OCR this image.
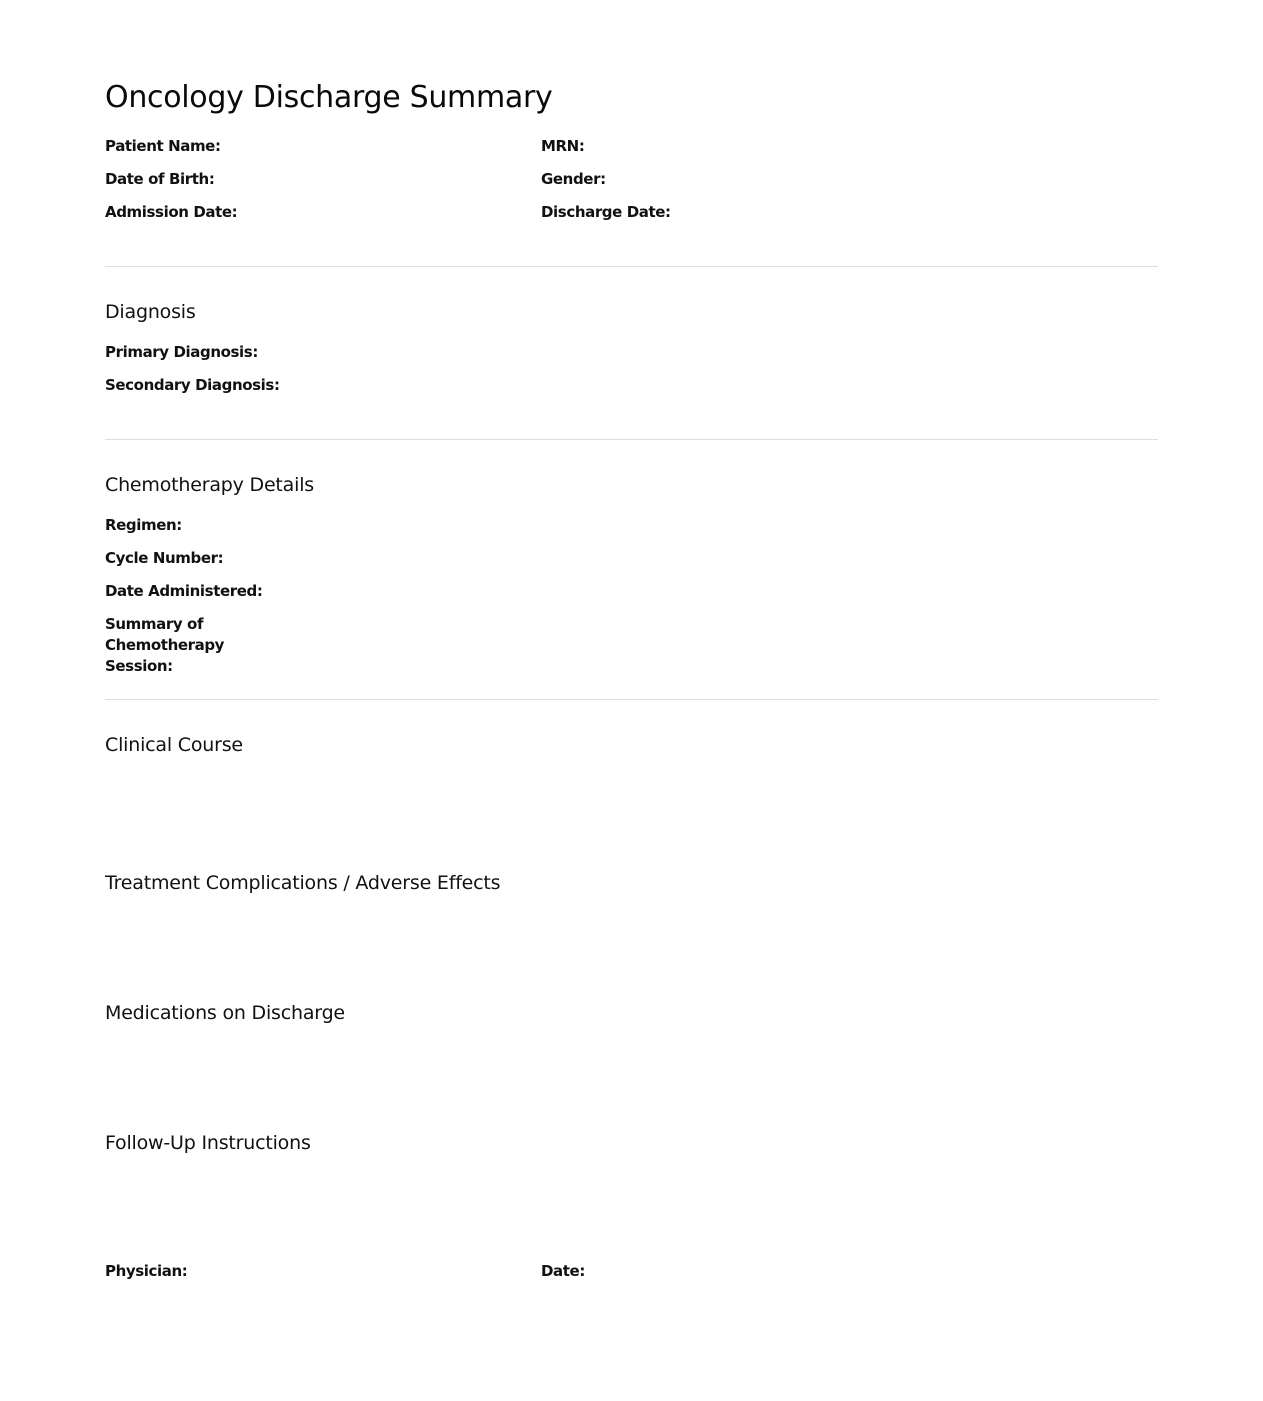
Oncology Discharge Summary
Patient Name:	MRN:
Date of Birth:	Gender:
Admission Date:	Discharge Date:
Diagnosis
Primary Diagnosis:
Secondary Diagnosis:
Chemotherapy Details
Regimen:
Cycle Number:
Date Administered:
Summary of Chemotherapy Session:
Clinical Course
Treatment Complications / Adverse Effects
Medications on Discharge
Follow-Up Instructions
Physician:	Date:
